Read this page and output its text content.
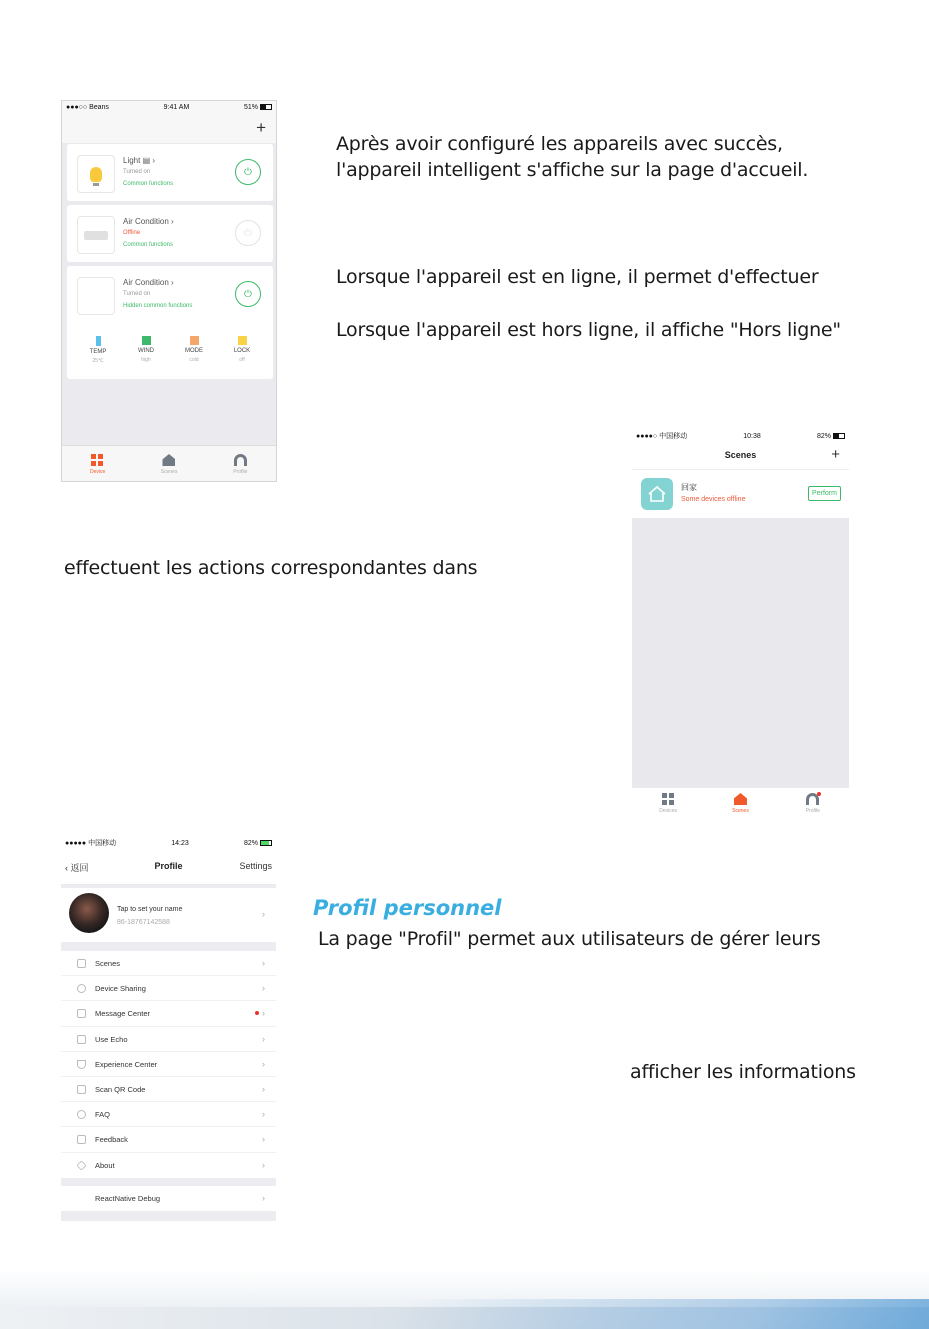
Après avoir configuré les appareils avec succès,
l'appareil intelligent s'affiche sur la page d'accueil.
Lorsque l'appareil est en ligne, il permet d'effectuer
Lorsque l'appareil est hors ligne, il affiche "Hors ligne"
effectuent les actions correspondantes dans
Profil personnel
La page "Profil" permet aux utilisateurs de gérer leurs
afficher les informations
●●●○○ Beans	9:41 AM	51%
+
Light ▤ ›
Turned on
Common functions
⏻
Air Condition ›
Offline
Common functions
⏻
Air Condition ›
Turned on
Hidden common functions
⏻
TEMP
25℃
WIND
high
MODE
cold
LOCK
off
Device	Scenes	Profile
●●●●○ 中国移动	10:38	82%
Scenes	+
回家
Some devices offline
Perform
Devices	Scenes	Profile
●●●●● 中国移动	14:23	82%
‹ 返回	Profile	Settings
Tap to set your name
86-18767142588
›
Scenes	›
Device Sharing	›
Message Center	›
Use Echo	›
Experience Center	›
Scan QR Code	›
FAQ	›
Feedback	›
About	›
ReactNative Debug	›
